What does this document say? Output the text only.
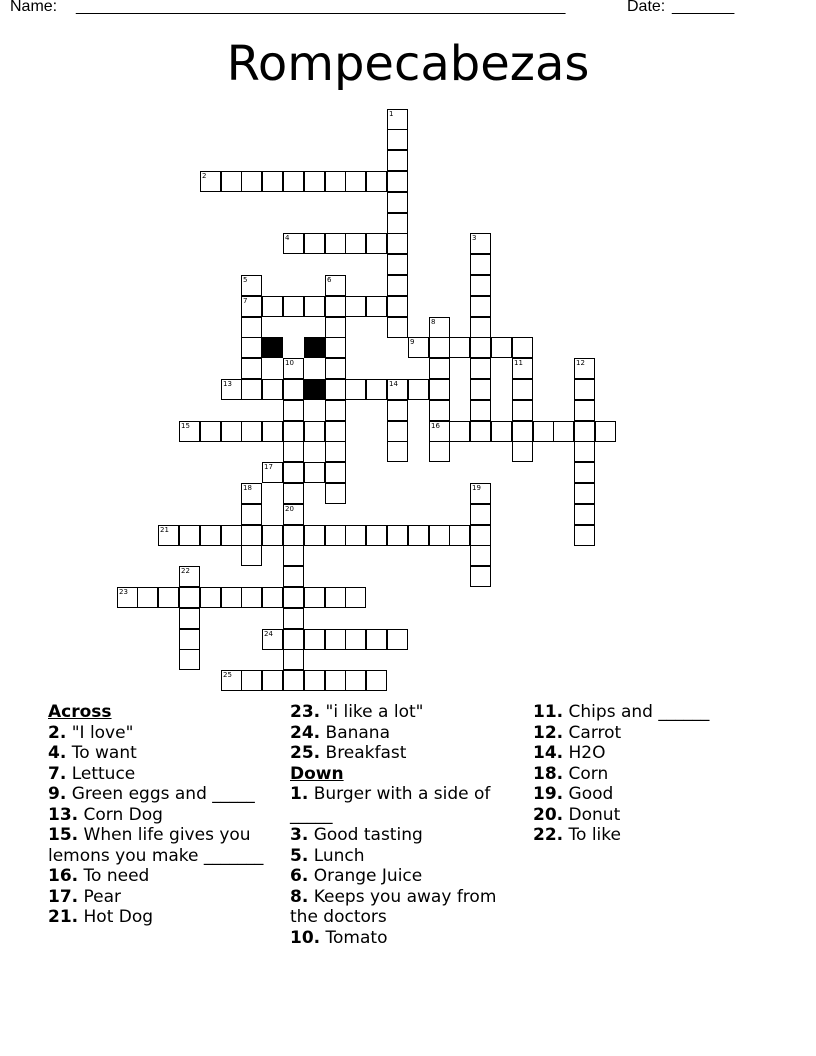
Name: _______________________________________________________	Date: _______
Rompecabezas
1
2
3
4
5
7
6
8
16
9
10
20
11	12
13	14
15
17
18	19
21
22
23
24
25

Across

2. "I love"

4. To want

7. Lettuce

9. Green eggs and _____

13. Corn Dog

15. When life gives you lemons you make _______

16. To need

17. Pear

21. Hot Dog

23. "i like a lot"

24. Banana

25. Breakfast

Down

1. Burger with a side of _____

3. Good tasting

5. Lunch

6. Orange Juice

8. Keeps you away from the doctors

10. Tomato

11. Chips and ______

12. Carrot

14. H2O

18. Corn

19. Good

20. Donut

22. To like
